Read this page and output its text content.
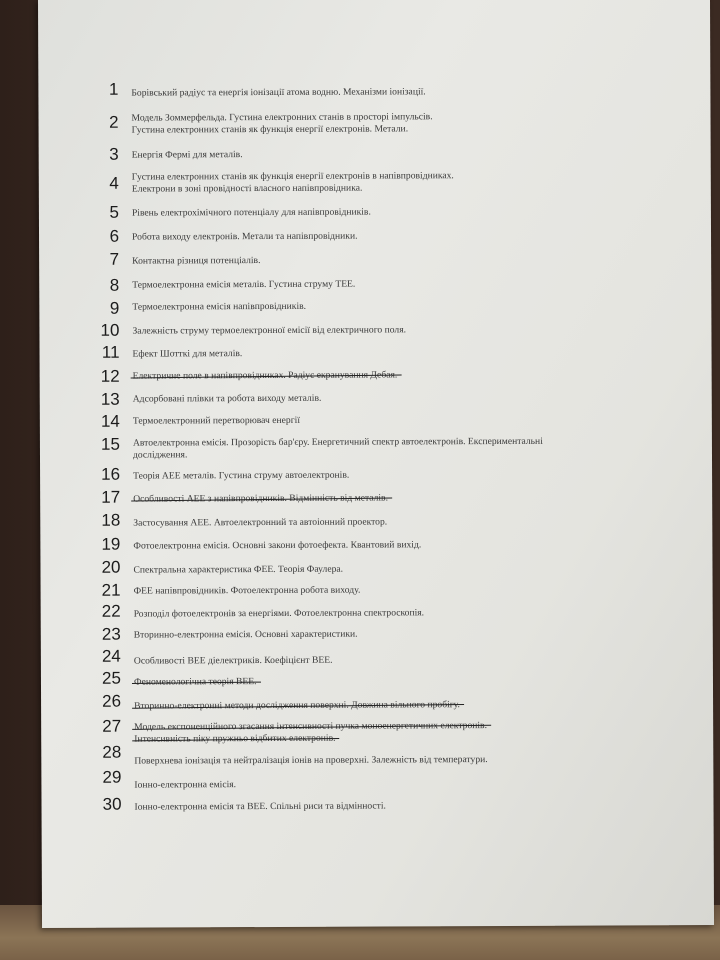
1 Борівський радіус та енергія іонізації атома водню. Механізми іонізації.
2 Модель Зоммерфельда. Густина електронних станів в просторі імпульсів.
Густина електронних станів як функція енергії електронів. Метали.
3 Енергія Фермі для металів.
4 Густина електронних станів як функція енергії електронів в напівпровідниках.
Електрони в зоні провідності власного напівпровідника.
5 Рівень електрохімічного потенціалу для напівпровідників.
6 Робота виходу електронів. Метали та напівпровідники.
7 Контактна різниця потенціалів.
8 Термоелектронна емісія металів. Густина струму ТЕЕ.
9 Термоелектронна емісія напівпровідників.
10 Залежність струму термоелектронної емісії від електричного поля.
11 Ефект Шотткі для металів.
12 Електричне поле в напівпровідниках. Радіус екранування Дебая.
13 Адсорбовані плівки та робота виходу металів.
14 Термоелектронний перетворювач енергії
15 Автоелектронна емісія. Прозорість бар'єру. Енергетичний спектр автоелектронів. Експериментальні
дослідження.
16 Теорія АЕЕ металів. Густина струму автоелектронів.
17 Особливості АЕЕ з напівпровідників. Відмінність від металів.
18 Застосування АЕЕ. Автоелектронний та автоіонний проектор.
19 Фотоелектронна емісія. Основні закони фотоефекта. Квантовий вихід.
20 Спектральна характеристика ФЕЕ. Теорія Фаулера.
21 ФЕЕ напівпровідників. Фотоелектронна робота виходу.
22 Розподіл фотоелектронів за енергіями. Фотоелектронна спектроскопія.
23 Вторинно-електронна емісія. Основні характеристики.
24 Особливості ВЕЕ діелектриків. Коефіцієнт ВЕЕ.
25 Феноменологічна теорія ВЕЕ.
26 Вторинно-електронні методи дослідження поверхні. Довжина вільного пробігу.
27 Модель експоненційного згасання інтенсивності пучка моноенергетичних електронів.
Інтенсивність піку пружньо відбитих електронів.
28 Поверхнева іонізація та нейтралізація іонів на проверхні. Залежність від температури.
29 Іонно-електронна емісія.
30 Іонно-електронна емісія та ВЕЕ. Спільні риси та відмінності.
